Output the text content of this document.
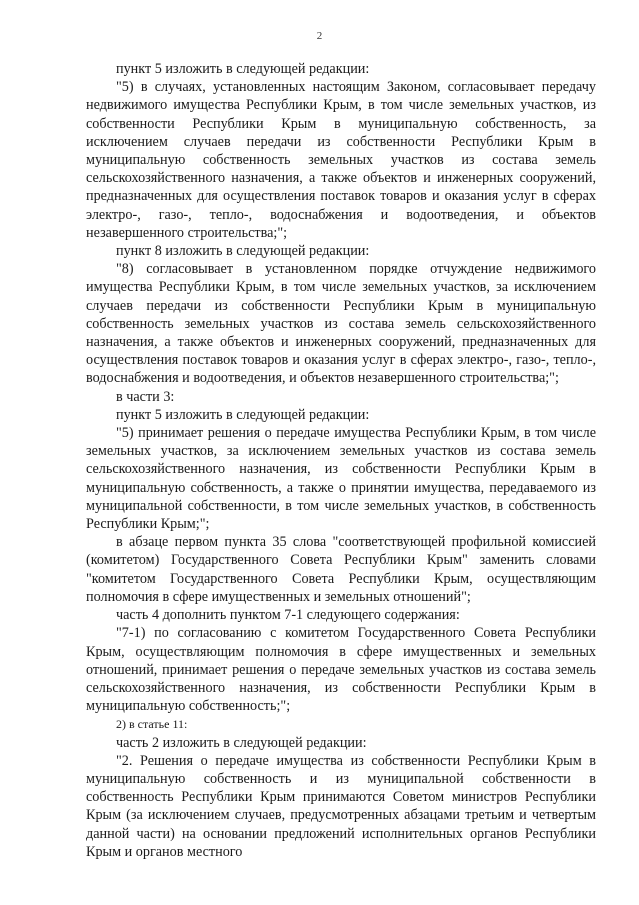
2

пункт 5 изложить в следующей редакции:

"5) в случаях, установленных настоящим Законом, согласовывает передачу недвижимого имущества Республики Крым, в том числе земельных участков, из собственности Республики Крым в муниципальную собственность, за исключением случаев передачи из собственности Республики Крым в муниципальную собственность земельных участков из состава земель сельскохозяйственного назначения, а также объектов и инженерных сооружений, предназначенных для осуществления поставок товаров и оказания услуг в сферах электро-, газо-, тепло-, водоснабжения и водоотведения, и объектов незавершенного строительства;";

пункт 8 изложить в следующей редакции:

"8) согласовывает в установленном порядке отчуждение недвижимого имущества Республики Крым, в том числе земельных участков, за исключением случаев передачи из собственности Республики Крым в муниципальную собственность земельных участков из состава земель сельскохозяйственного назначения, а также объектов и инженерных сооружений, предназначенных для осуществления поставок товаров и оказания услуг в сферах электро-, газо-, тепло-, водоснабжения и водоотведения, и объектов незавершенного строительства;";

в части 3:

пункт 5 изложить в следующей редакции:

"5) принимает решения о передаче имущества Республики Крым, в том числе земельных участков, за исключением земельных участков из состава земель сельскохозяйственного назначения, из собственности Республики Крым в муниципальную собственность, а также о принятии имущества, передаваемого из муниципальной собственности, в том числе земельных участков, в собственность Республики Крым;";

в абзаце первом пункта 35 слова "соответствующей профильной комиссией (комитетом) Государственного Совета Республики Крым" заменить словами "комитетом Государственного Совета Республики Крым, осуществляющим полномочия в сфере имущественных и земельных отношений";

часть 4 дополнить пунктом 7-1 следующего содержания:

"7-1) по согласованию с комитетом Государственного Совета Республики Крым, осуществляющим полномочия в сфере имущественных и земельных отношений, принимает решения о передаче земельных участков из состава земель сельскохозяйственного назначения, из собственности Республики Крым в муниципальную собственность;";

2) в статье 11:

часть 2 изложить в следующей редакции:

"2. Решения о передаче имущества из собственности Республики Крым в муниципальную собственность и из муниципальной собственности в собственность Республики Крым принимаются Советом министров Республики Крым (за исключением случаев, предусмотренных абзацами третьим и четвертым данной части) на основании предложений исполнительных органов Республики Крым и органов местного
